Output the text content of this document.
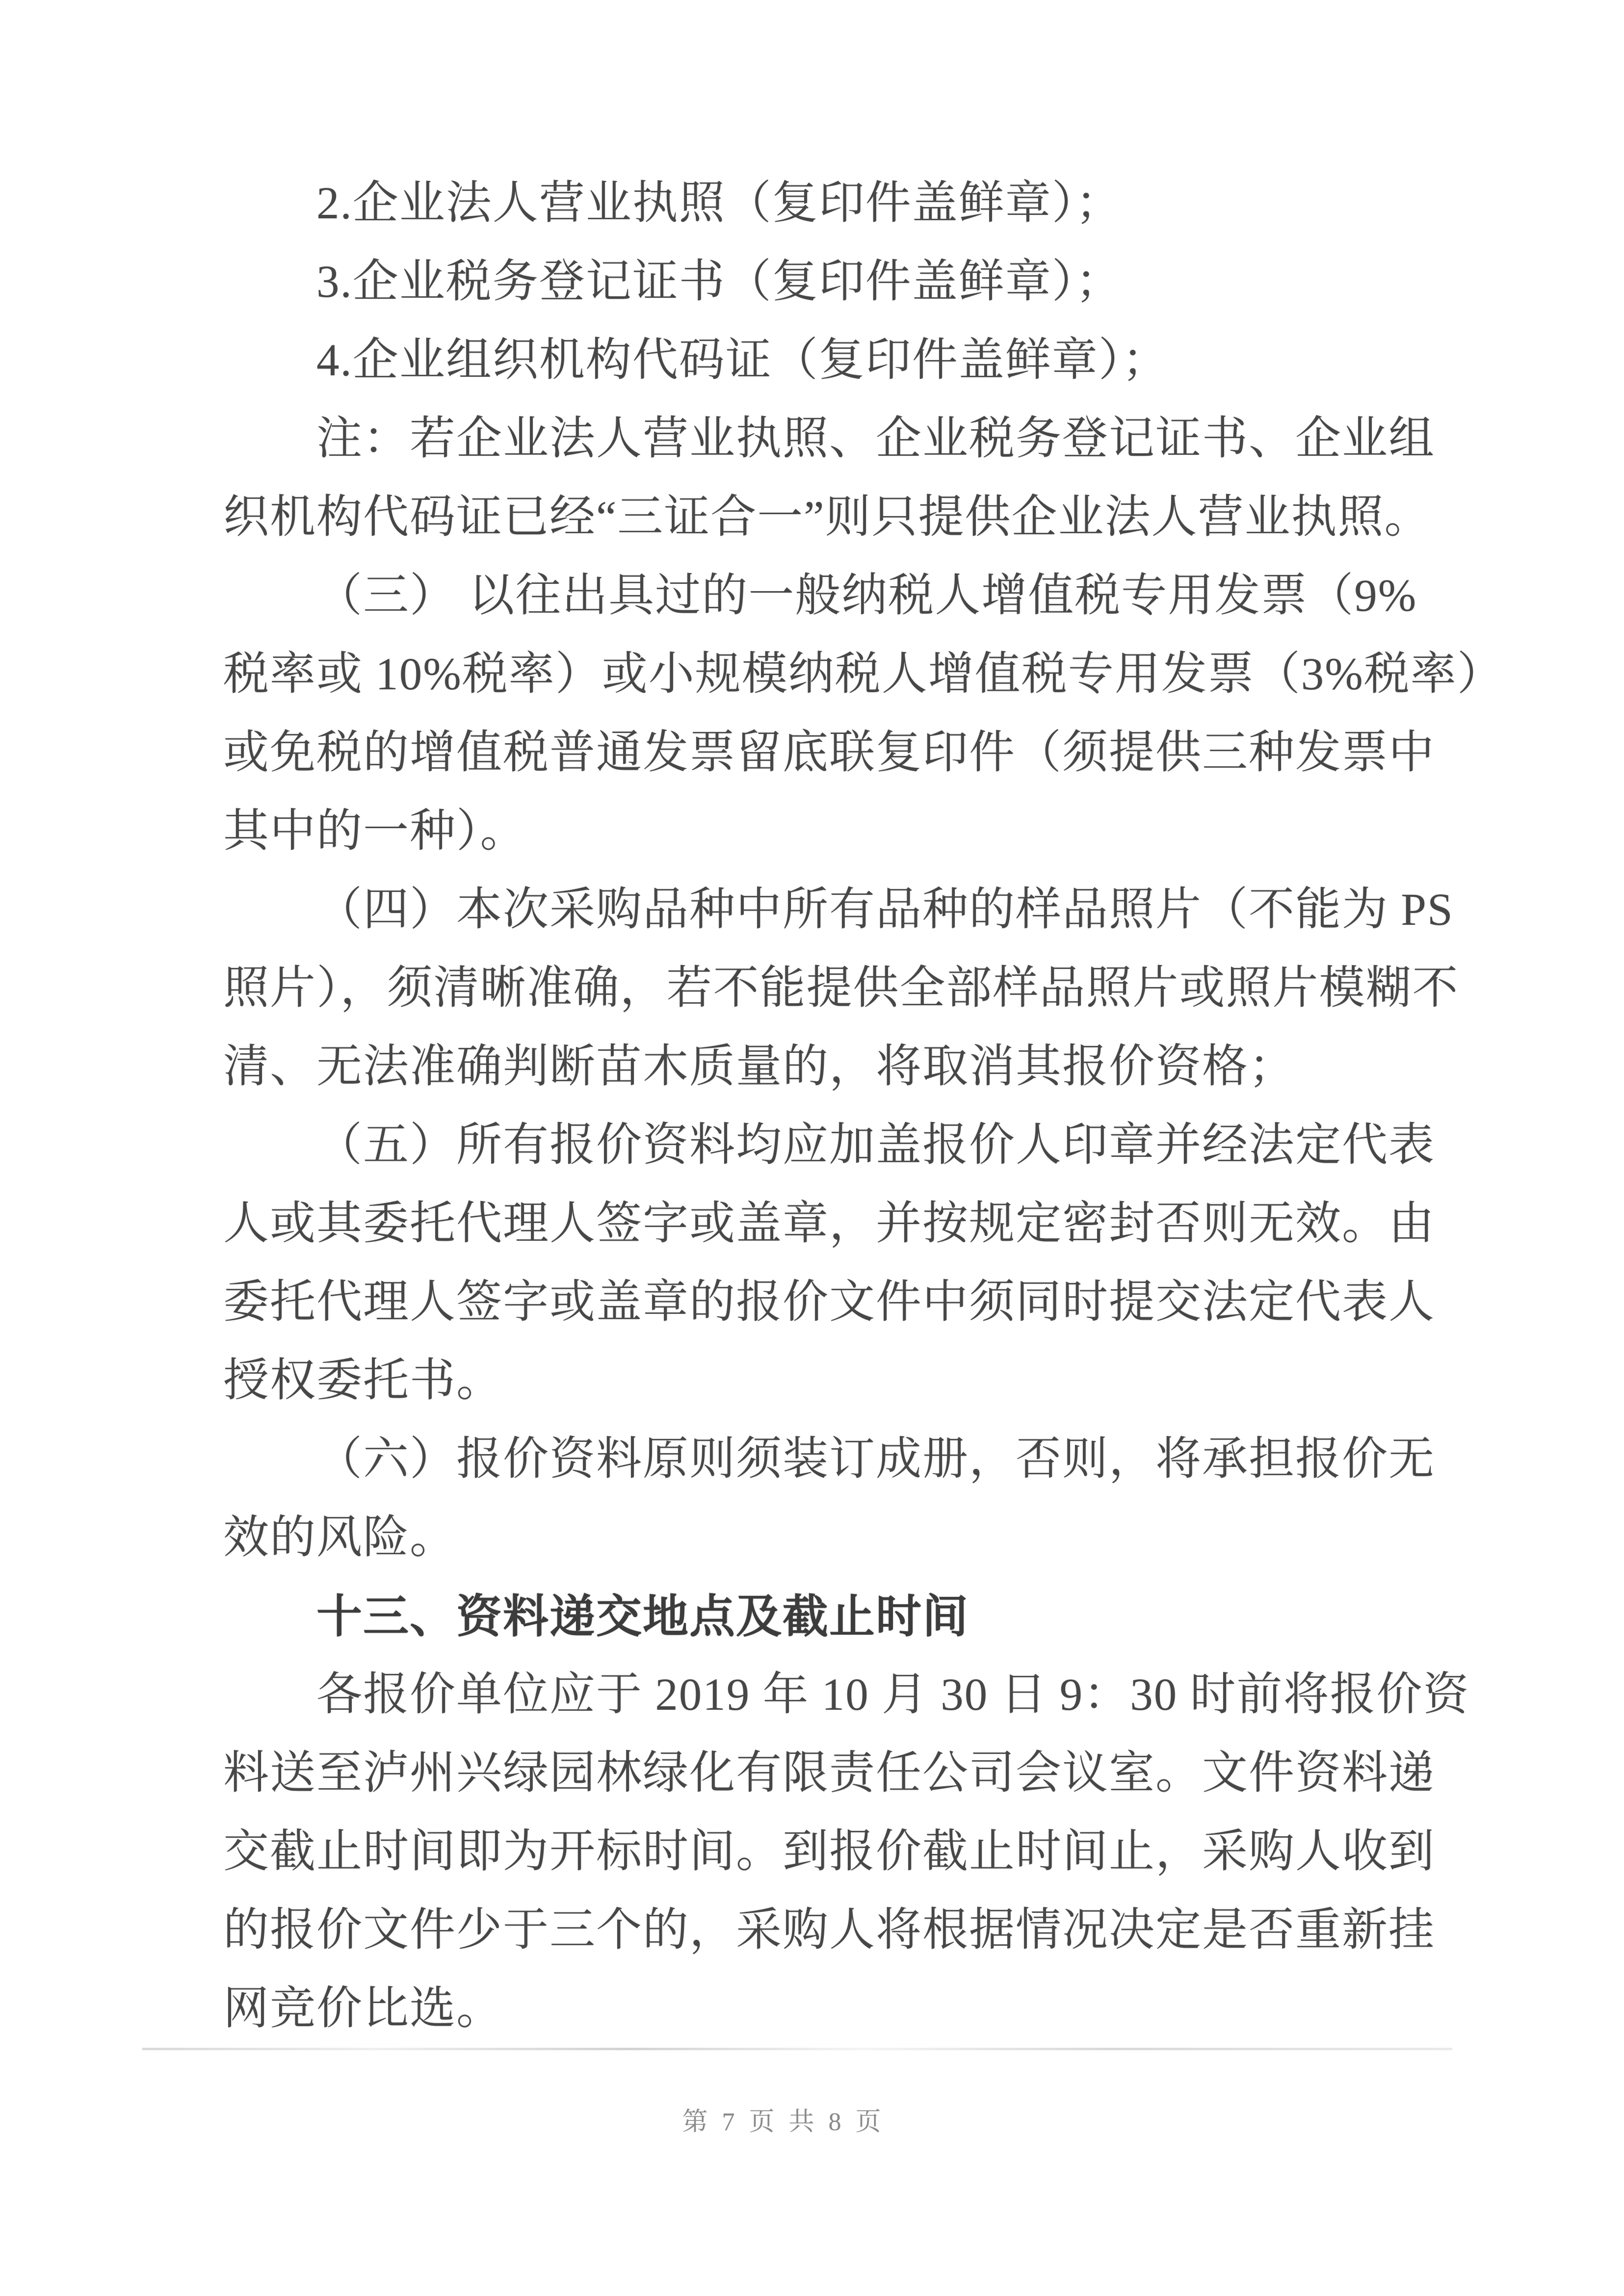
2.企业法人营业执照（复印件盖鲜章）；
3.企业税务登记证书（复印件盖鲜章）；
4.企业组织机构代码证（复印件盖鲜章）；
注：若企业法人营业执照、企业税务登记证书、企业组
织机构代码证已经“三证合一”则只提供企业法人营业执照。
（三） 以往出具过的一般纳税人增值税专用发票（9%
税率或 10%税率）或小规模纳税人增值税专用发票（3%税率）
或免税的增值税普通发票留底联复印件（须提供三种发票中
其中的一种）。
（四）本次采购品种中所有品种的样品照片（不能为 PS
照片），须清晰准确，若不能提供全部样品照片或照片模糊不
清、无法准确判断苗木质量的，将取消其报价资格；
（五）所有报价资料均应加盖报价人印章并经法定代表
人或其委托代理人签字或盖章，并按规定密封否则无效。由
委托代理人签字或盖章的报价文件中须同时提交法定代表人
授权委托书。
（六）报价资料原则须装订成册，否则，将承担报价无
效的风险。
十三、资料递交地点及截止时间
各报价单位应于 2019 年 10 月 30 日 9：30 时前将报价资
料送至泸州兴绿园林绿化有限责任公司会议室。文件资料递
交截止时间即为开标时间。到报价截止时间止，采购人收到
的报价文件少于三个的，采购人将根据情况决定是否重新挂
网竞价比选。
第 7 页 共 8 页
